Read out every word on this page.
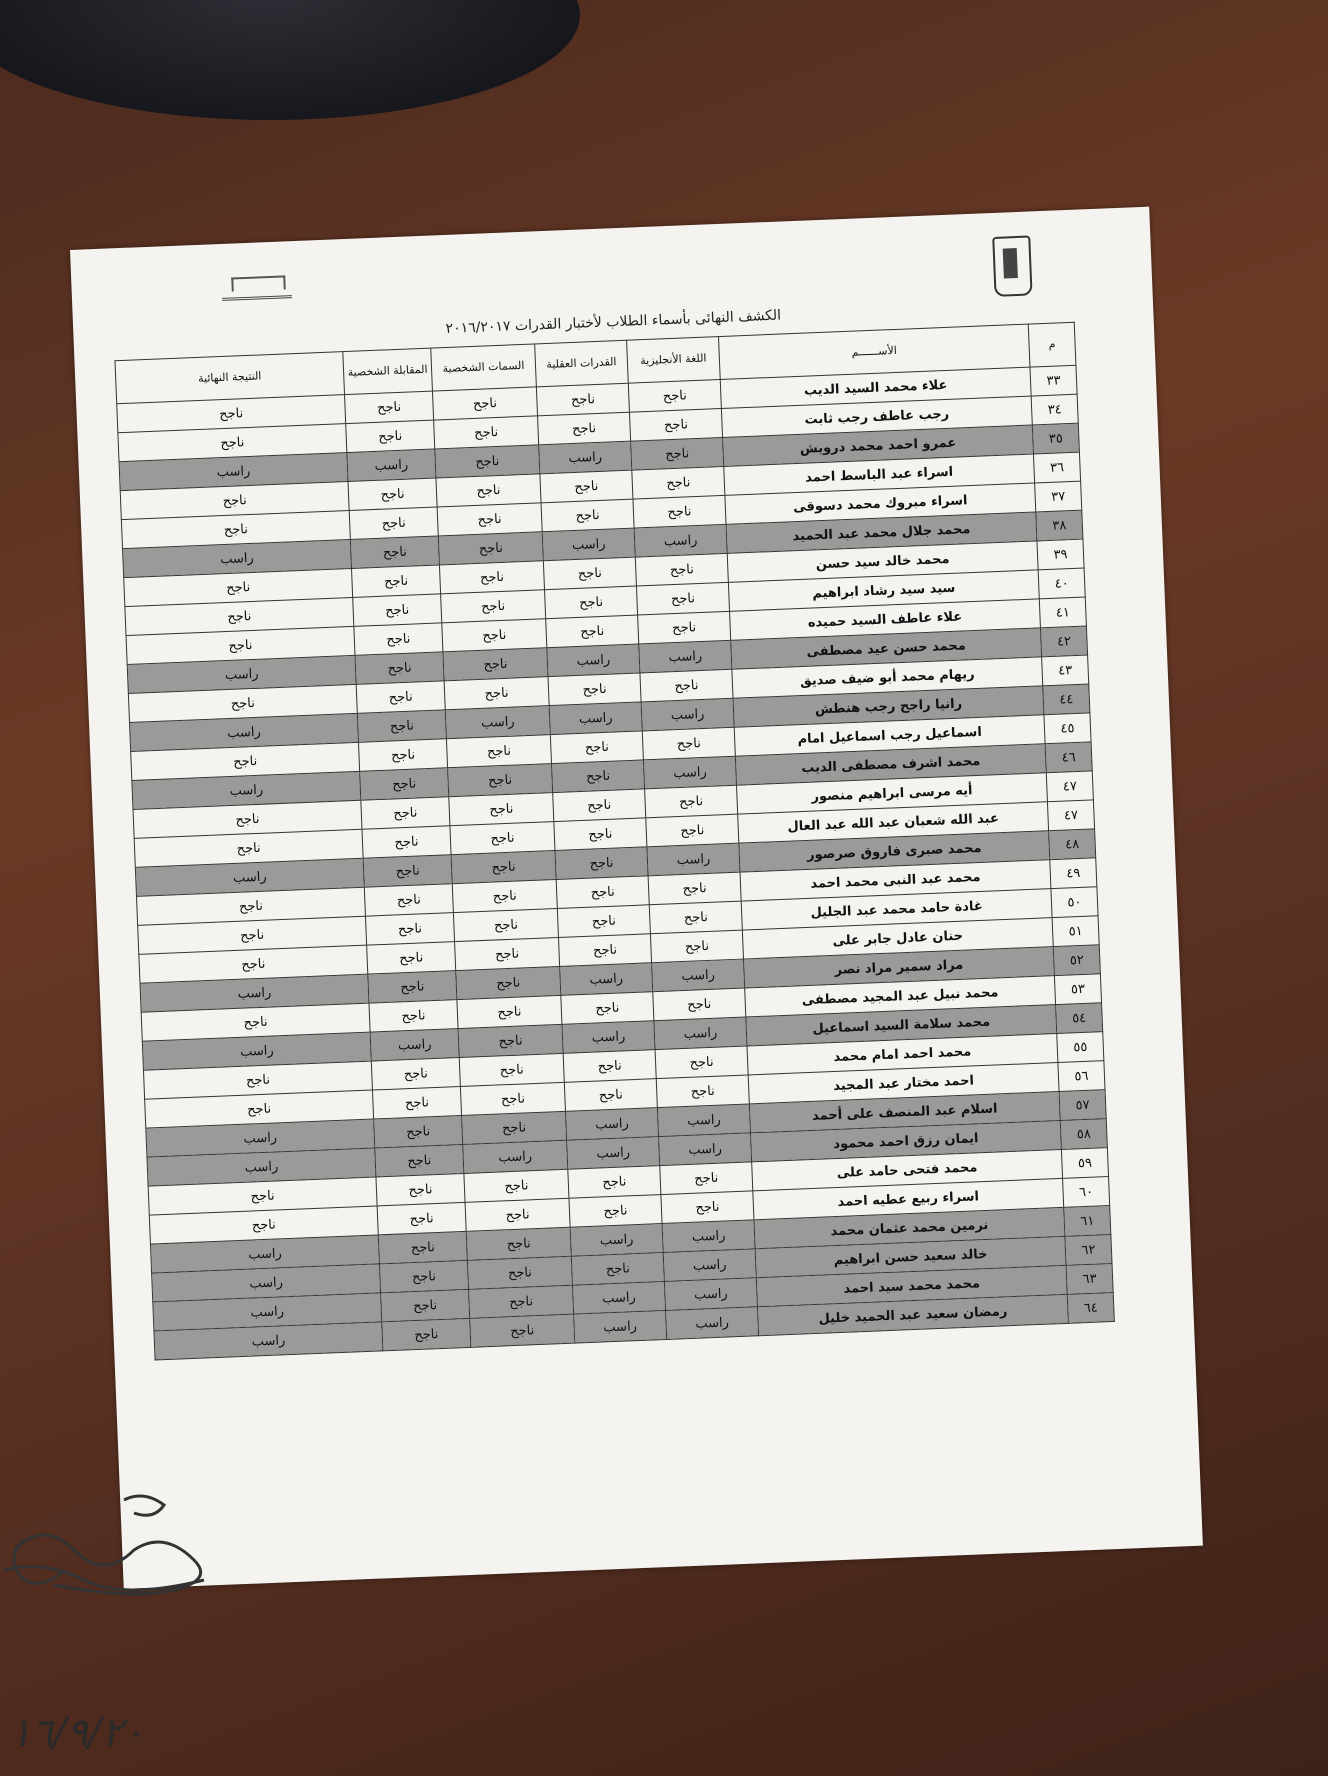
الكشف النهائى بأسماء الطلاب لأختبار القدرات ٢٠١٦/٢٠١٧
م	الأســــــم	اللغة الأنجليزية	القدرات العقلية	السمات الشخصية	المقابلة الشخصية	النتيجة النهائية
٣٣	علاء محمد السيد الديب	ناجح	ناجح	ناجح	ناجح	ناجح
٣٤	رجب عاطف رجب ثابت	ناجح	ناجح	ناجح	ناجح	ناجح
٣٥	عمرو احمد محمد درويش	ناجح	راسب	ناجح	راسب	راسب
٣٦	اسراء عبد الباسط احمد	ناجح	ناجح	ناجح	ناجح	ناجح
٣٧	اسراء مبروك محمد دسوقى	ناجح	ناجح	ناجح	ناجح	ناجح
٣٨	محمد جلال محمد عبد الحميد	راسب	راسب	ناجح	ناجح	راسب
٣٩	محمد خالد سيد حسن	ناجح	ناجح	ناجح	ناجح	ناجح
٤٠	سيد سيد رشاد ابراهيم	ناجح	ناجح	ناجح	ناجح	ناجح
٤١	علاء عاطف السيد حميده	ناجح	ناجح	ناجح	ناجح	ناجح
٤٢	محمد حسن عيد مصطفى	راسب	راسب	ناجح	ناجح	راسب
٤٣	ريهام محمد أبو ضيف صديق	ناجح	ناجح	ناجح	ناجح	ناجح
٤٤	رانيا راجح رجب هنطش	راسب	راسب	راسب	ناجح	راسب
٤٥	اسماعيل رجب اسماعيل امام	ناجح	ناجح	ناجح	ناجح	ناجح
٤٦	محمد اشرف مصطفى الديب	راسب	ناجح	ناجح	ناجح	راسب
٤٧	أيه مرسى ابراهيم منصور	ناجح	ناجح	ناجح	ناجح	ناجح
٤٧	عبد الله شعبان عبد الله عبد العال	ناجح	ناجح	ناجح	ناجح	ناجح
٤٨	محمد صبرى فاروق صرصور	راسب	ناجح	ناجح	ناجح	راسب
٤٩	محمد عبد النبى محمد احمد	ناجح	ناجح	ناجح	ناجح	ناجح
٥٠	غادة حامد محمد عبد الجليل	ناجح	ناجح	ناجح	ناجح	ناجح
٥١	حنان عادل جابر على	ناجح	ناجح	ناجح	ناجح	ناجح
٥٢	مراد سمير مراد نصر	راسب	راسب	ناجح	ناجح	راسب
٥٣	محمد نبيل عبد المجيد مصطفى	ناجح	ناجح	ناجح	ناجح	ناجح
٥٤	محمد سلامة السيد اسماعيل	راسب	راسب	ناجح	راسب	راسب
٥٥	محمد احمد امام محمد	ناجح	ناجح	ناجح	ناجح	ناجح
٥٦	احمد مختار عبد المجيد	ناجح	ناجح	ناجح	ناجح	ناجح
٥٧	اسلام عبد المنصف على أحمد	راسب	راسب	ناجح	ناجح	راسب
٥٨	ايمان رزق احمد محمود	راسب	راسب	راسب	ناجح	راسب
٥٩	محمد فتحى حامد على	ناجح	ناجح	ناجح	ناجح	ناجح
٦٠	اسراء ربيع عطيه احمد	ناجح	ناجح	ناجح	ناجح	ناجح
٦١	نرمين محمد عثمان محمد	راسب	راسب	ناجح	ناجح	راسب
٦٢	خالد سعيد حسن ابراهيم	راسب	ناجح	ناجح	ناجح	راسب
٦٣	محمد محمد سيد احمد	راسب	راسب	ناجح	ناجح	راسب
٦٤	رمضان سعيد عبد الحميد خليل	راسب	راسب	ناجح	ناجح	راسب
١٦/٩/٢٠
